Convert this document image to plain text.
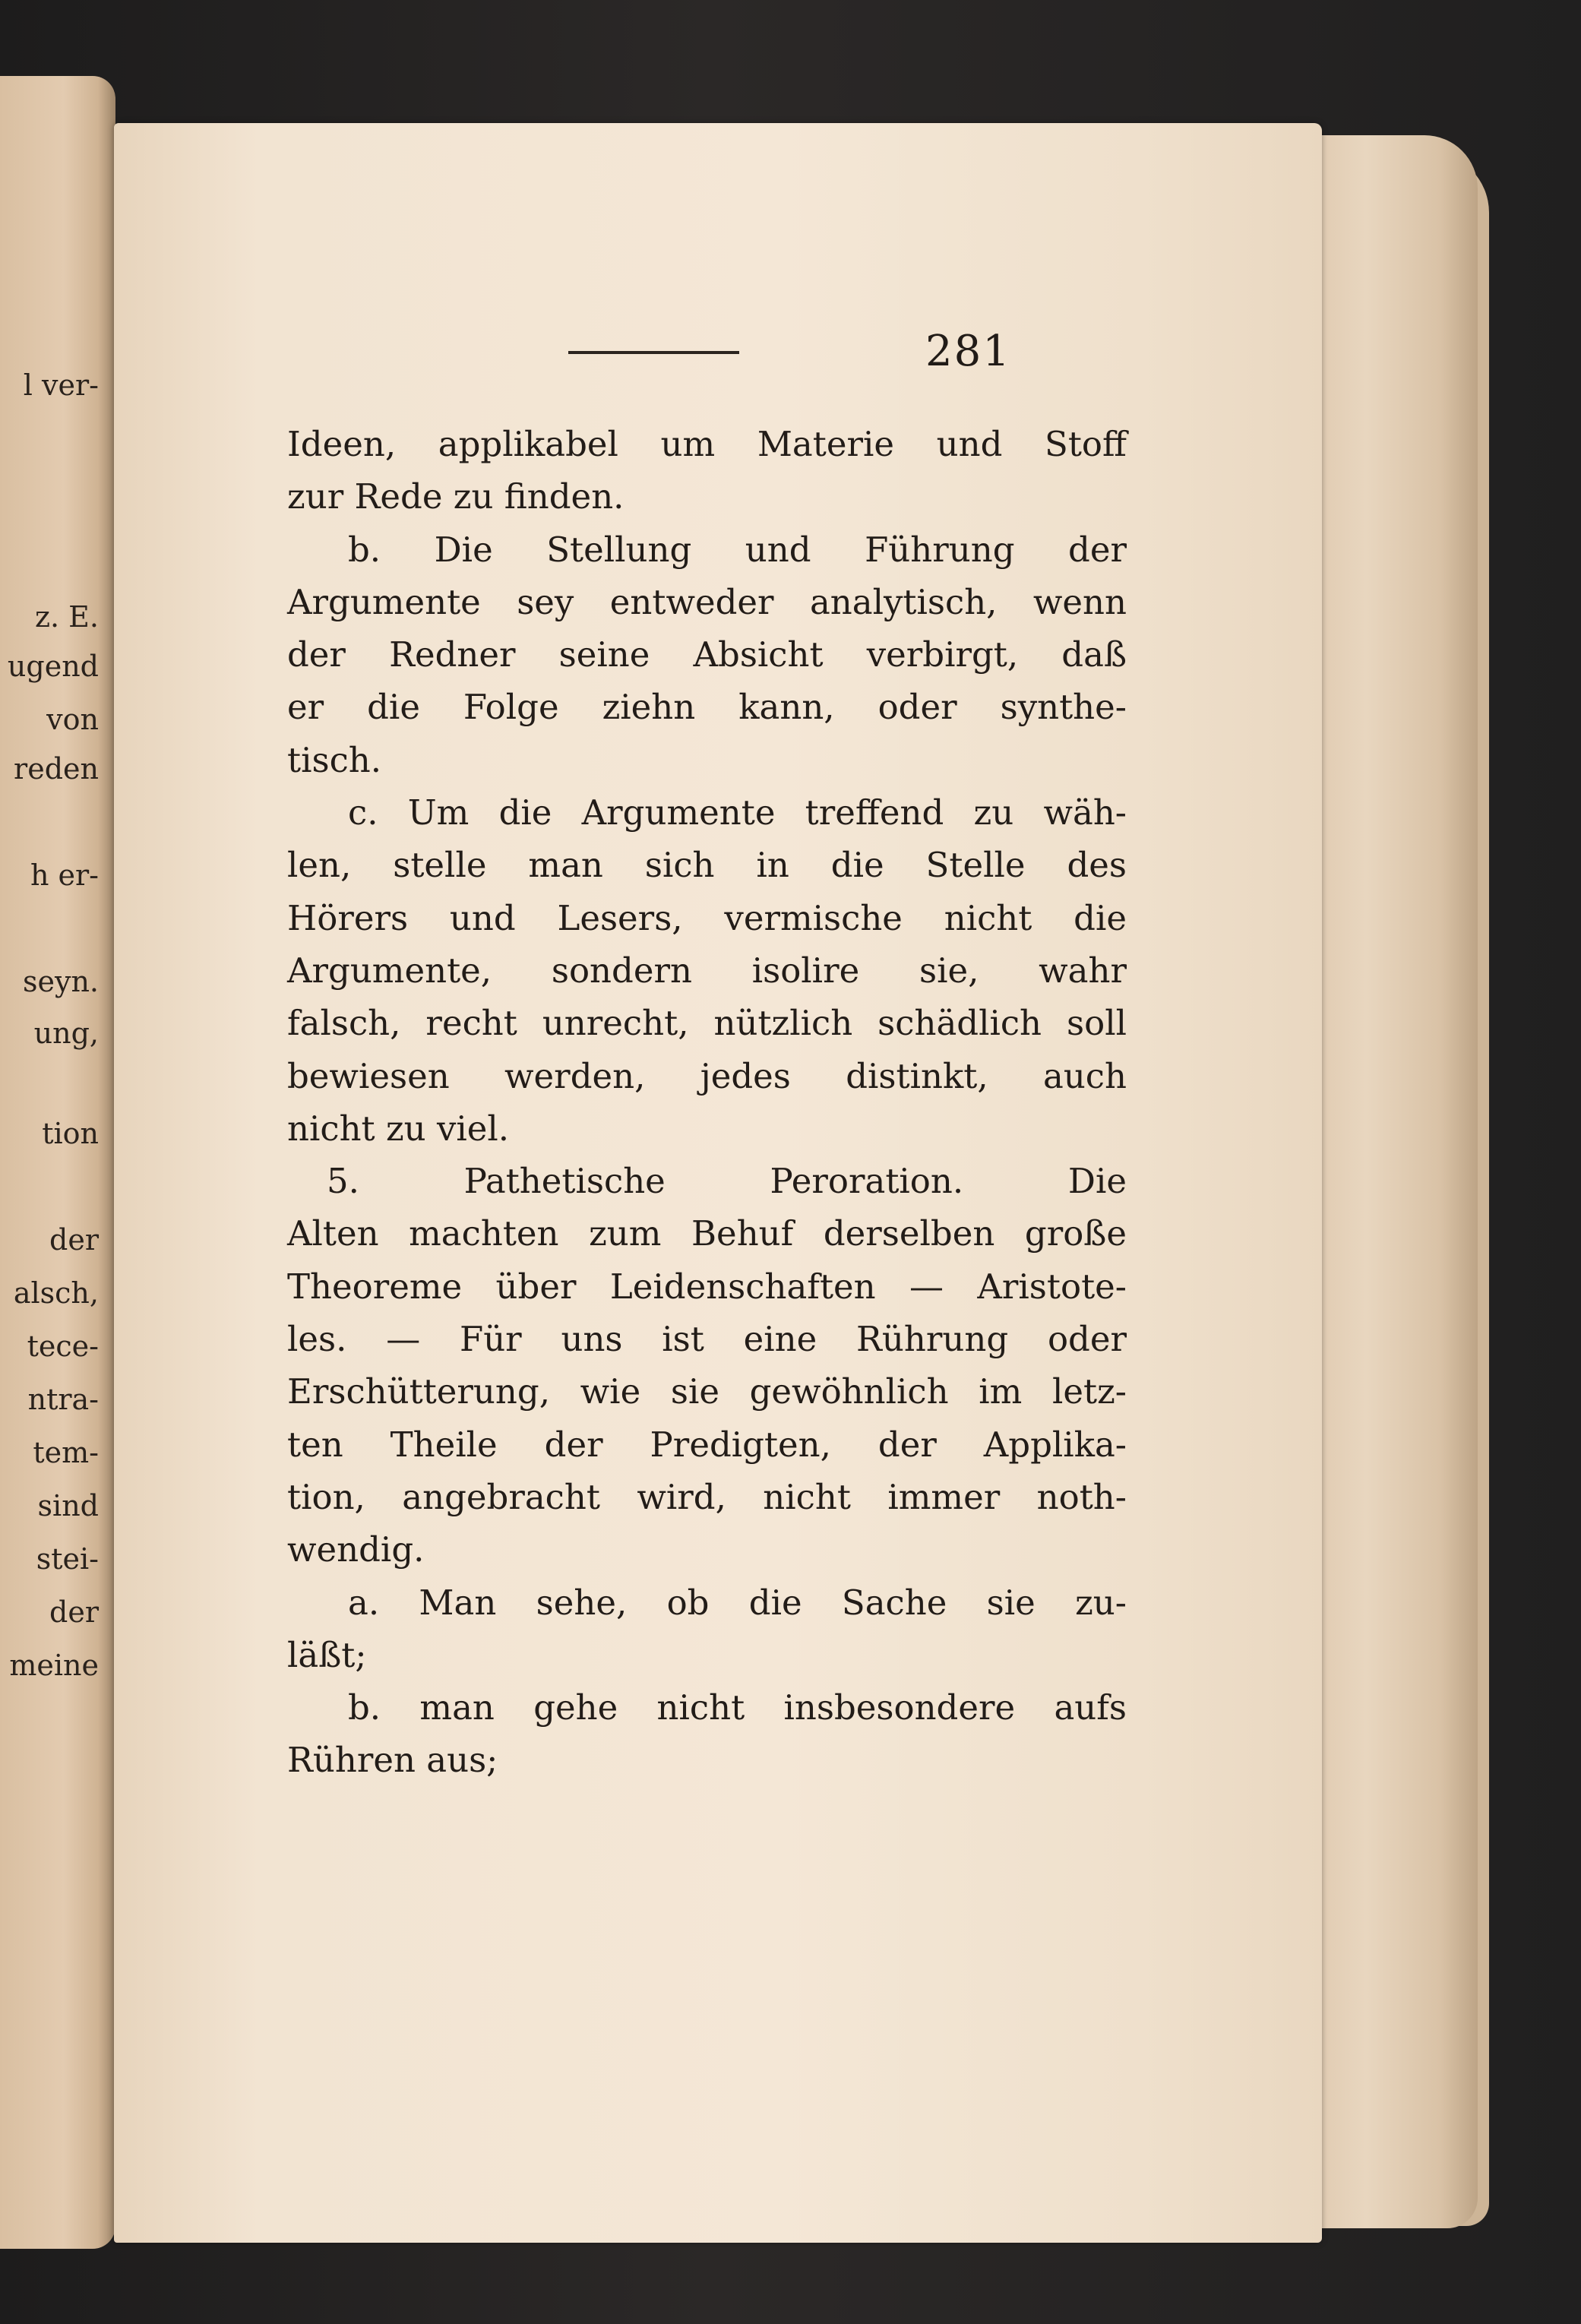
l ver-
z. E.
ugend
von
reden
h er-
seyn.
ung,
tion
der
alsch,
tece-
ntra-
tem-
sind
stei-
der
meine
281
Ideen, applikabel um Materie und Stoff
zur Rede zu finden.
b. Die Stellung und Führung der
Argumente sey entweder analytisch, wenn
der Redner seine Absicht verbirgt, daß
er die Folge ziehn kann, oder synthe-
tisch.
c. Um die Argumente treffend zu wäh-
len, stelle man sich in die Stelle des
Hörers und Lesers, vermische nicht die
Argumente, sondern isolire sie, wahr
falsch, recht unrecht, nützlich schädlich soll
bewiesen werden, jedes distinkt, auch
nicht zu viel.
5. Pathetische Peroration. Die
Alten machten zum Behuf derselben große
Theoreme über Leidenschaften — Aristote-
les. — Für uns ist eine Rührung oder
Erschütterung, wie sie gewöhnlich im letz-
ten Theile der Predigten, der Applika-
tion, angebracht wird, nicht immer noth-
wendig.
a. Man sehe, ob die Sache sie zu-
läßt;
b. man gehe nicht insbesondere aufs
Rühren aus;
